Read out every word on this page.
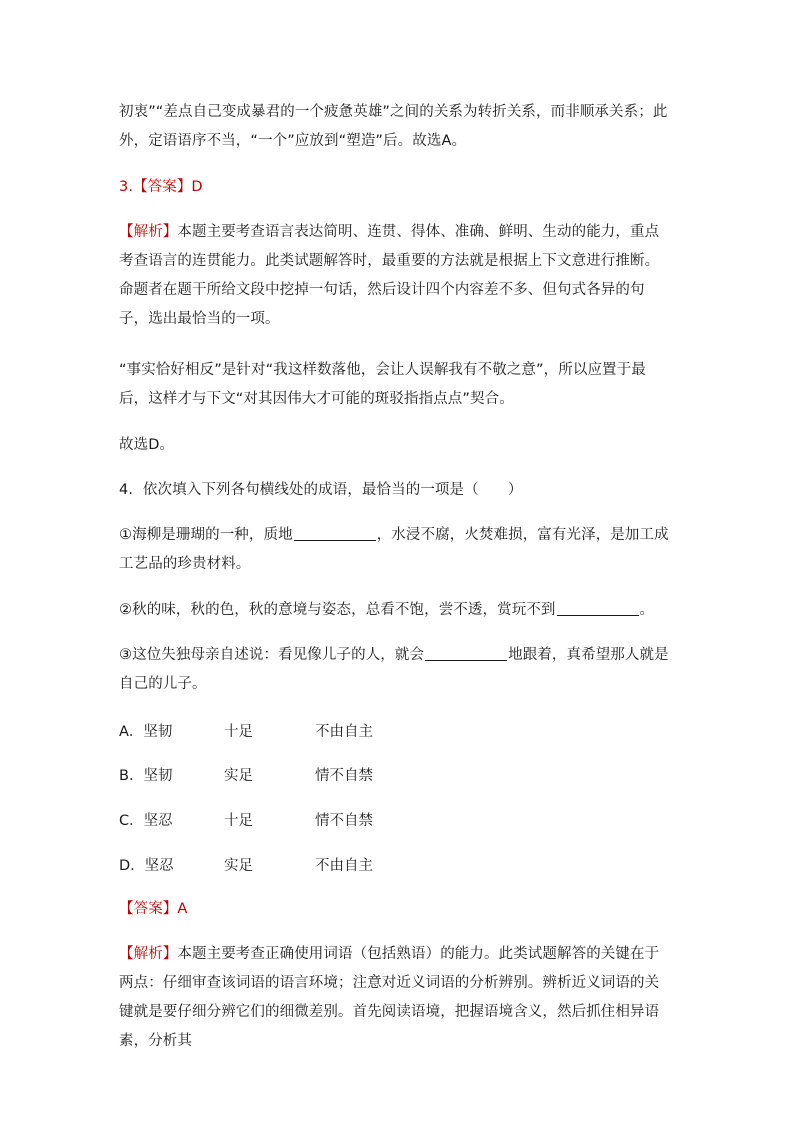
初衷”“差点自己变成暴君的一个疲惫英雄”之间的关系为转折关系，而非顺承关系；此
外，定语语序不当，“一个”应放到“塑造”后。故选A。

3.【答案】D

【解析】本题主要考查语言表达简明、连贯、得体、准确、鲜明、生动的能力，重点考查语言的连贯能力。此类试题解答时，最重要的方法就是根据上下文意进行推断。命题者在题干所给文段中挖掉一句话，然后设计四个内容差不多、但句式各异的句子，选出最恰当的一项。

“事实恰好相反”是针对“我这样数落他，会让人误解我有不敬之意”，所以应置于最后，这样才与下文“对其因伟大才可能的斑驳指指点点”契合。

故选D。

4．依次填入下列各句横线处的成语，最恰当的一项是（　　）

①海柳是珊瑚的一种，质地	，水浸不腐，火焚难损，富有光泽，是加工成工艺品的珍贵材料。

②秋的味，秋的色，秋的意境与姿态，总看不饱，尝不透，赏玩不到	。

③这位失独母亲自述说：看见像儿子的人，就会	地跟着，真希望那人就是自己的儿子。

A．坚韧	十足	不由自主
B．坚韧	实足	情不自禁
C．坚忍	十足	情不自禁
D．坚忍	实足	不由自主

【答案】A

【解析】本题主要考查正确使用词语（包括熟语）的能力。此类试题解答的关键在于两点：仔细审查该词语的语言环境；注意对近义词语的分析辨别。辨析近义词语的关键就是要仔细分辨它们的细微差别。首先阅读语境，把握语境含义，然后抓住相异语素，分析其
